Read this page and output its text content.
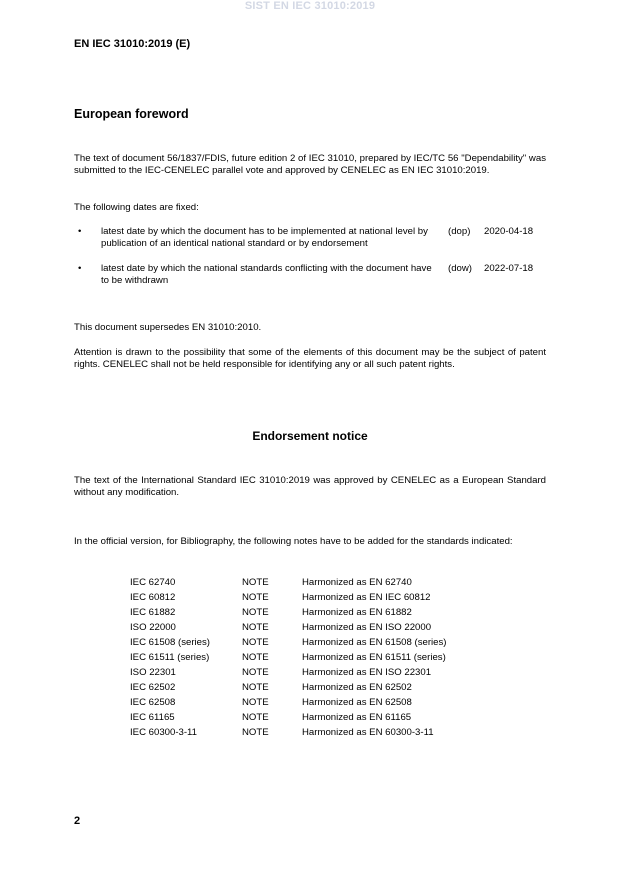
SIST EN IEC 31010:2019
EN IEC 31010:2019 (E)
European foreword
The text of document 56/1837/FDIS, future edition 2 of IEC 31010, prepared by IEC/TC 56 "Dependability" was submitted to the IEC-CENELEC parallel vote and approved by CENELEC as EN IEC 31010:2019.
The following dates are fixed:
• latest date by which the document has to be implemented at national level by publication of an identical national standard or by endorsement
(dop) 2020-04-18
• latest date by which the national standards conflicting with the document have to be withdrawn
(dow) 2022-07-18
This document supersedes EN 31010:2010.
Attention is drawn to the possibility that some of the elements of this document may be the subject of patent rights. CENELEC shall not be held responsible for identifying any or all such patent rights.
Endorsement notice
The text of the International Standard IEC 31010:2019 was approved by CENELEC as a European Standard without any modification.
In the official version, for Bibliography, the following notes have to be added for the standards indicated:
IEC 62740	NOTE	Harmonized as EN 62740
IEC 60812	NOTE	Harmonized as EN IEC 60812
IEC 61882	NOTE	Harmonized as EN 61882
ISO 22000	NOTE	Harmonized as EN ISO 22000
IEC 61508 (series)	NOTE	Harmonized as EN 61508 (series)
IEC 61511 (series)	NOTE	Harmonized as EN 61511 (series)
ISO 22301	NOTE	Harmonized as EN ISO 22301
IEC 62502	NOTE	Harmonized as EN 62502
IEC 62508	NOTE	Harmonized as EN 62508
IEC 61165	NOTE	Harmonized as EN 61165
IEC 60300-3-11	NOTE	Harmonized as EN 60300-3-11
2
